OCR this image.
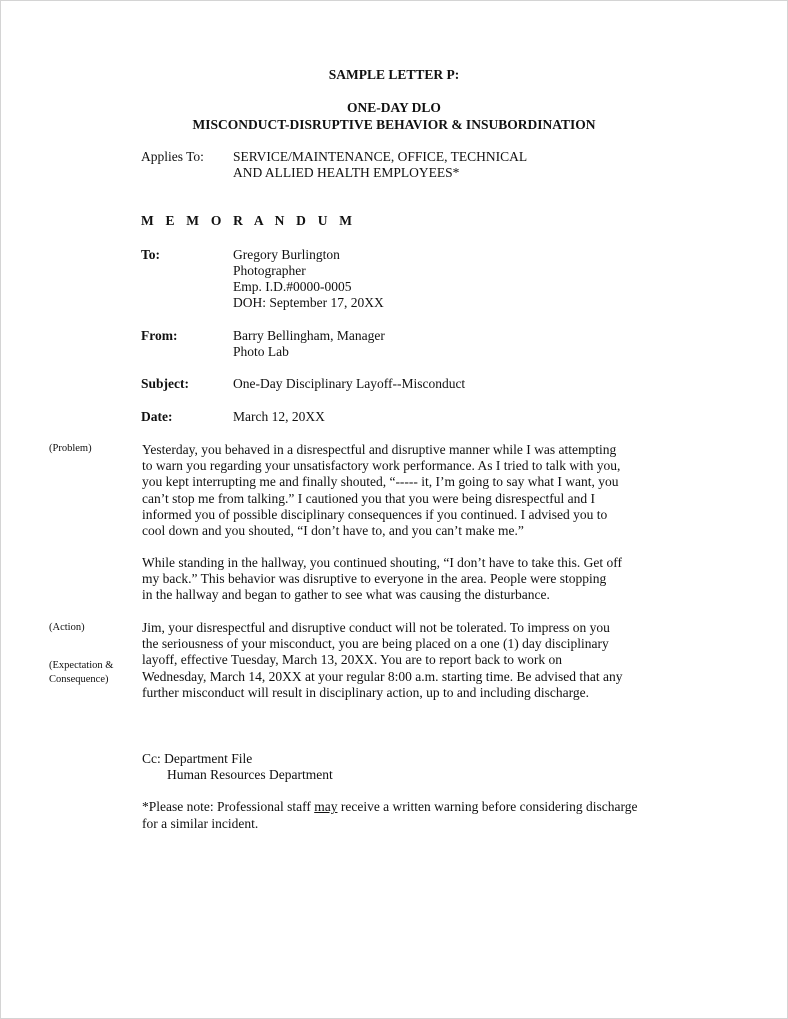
SAMPLE LETTER P:
ONE-DAY DLO
MISCONDUCT-DISRUPTIVE BEHAVIOR & INSUBORDINATION
Applies To: SERVICE/MAINTENANCE, OFFICE, TECHNICAL
AND ALLIED HEALTH EMPLOYEES*
M E M O R A N D U M
To:	Gregory Burlington
Photographer
Emp. I.D.#0000-0005
DOH: September 17, 20XX
From:	Barry Bellingham, Manager
Photo Lab
Subject:	One-Day Disciplinary Layoff--Misconduct
Date:	March 12, 20XX
(Problem)
(Action)
(Expectation &
Consequence)
Yesterday, you behaved in a disrespectful and disruptive manner while I was attempting
to warn you regarding your unsatisfactory work performance. As I tried to talk with you,
you kept interrupting me and finally shouted, “----- it, I’m going to say what I want, you
can’t stop me from talking.” I cautioned you that you were being disrespectful and I
informed you of possible disciplinary consequences if you continued. I advised you to
cool down and you shouted, “I don’t have to, and you can’t make me.”
While standing in the hallway, you continued shouting, “I don’t have to take this. Get off
my back.” This behavior was disruptive to everyone in the area. People were stopping
in the hallway and began to gather to see what was causing the disturbance.
Jim, your disrespectful and disruptive conduct will not be tolerated. To impress on you
the seriousness of your misconduct, you are being placed on a one (1) day disciplinary
layoff, effective Tuesday, March 13, 20XX. You are to report back to work on
Wednesday, March 14, 20XX at your regular 8:00 a.m. starting time. Be advised that any
further misconduct will result in disciplinary action, up to and including discharge.
Cc: Department File
Human Resources Department
*Please note: Professional staff may receive a written warning before considering discharge
for a similar incident.
